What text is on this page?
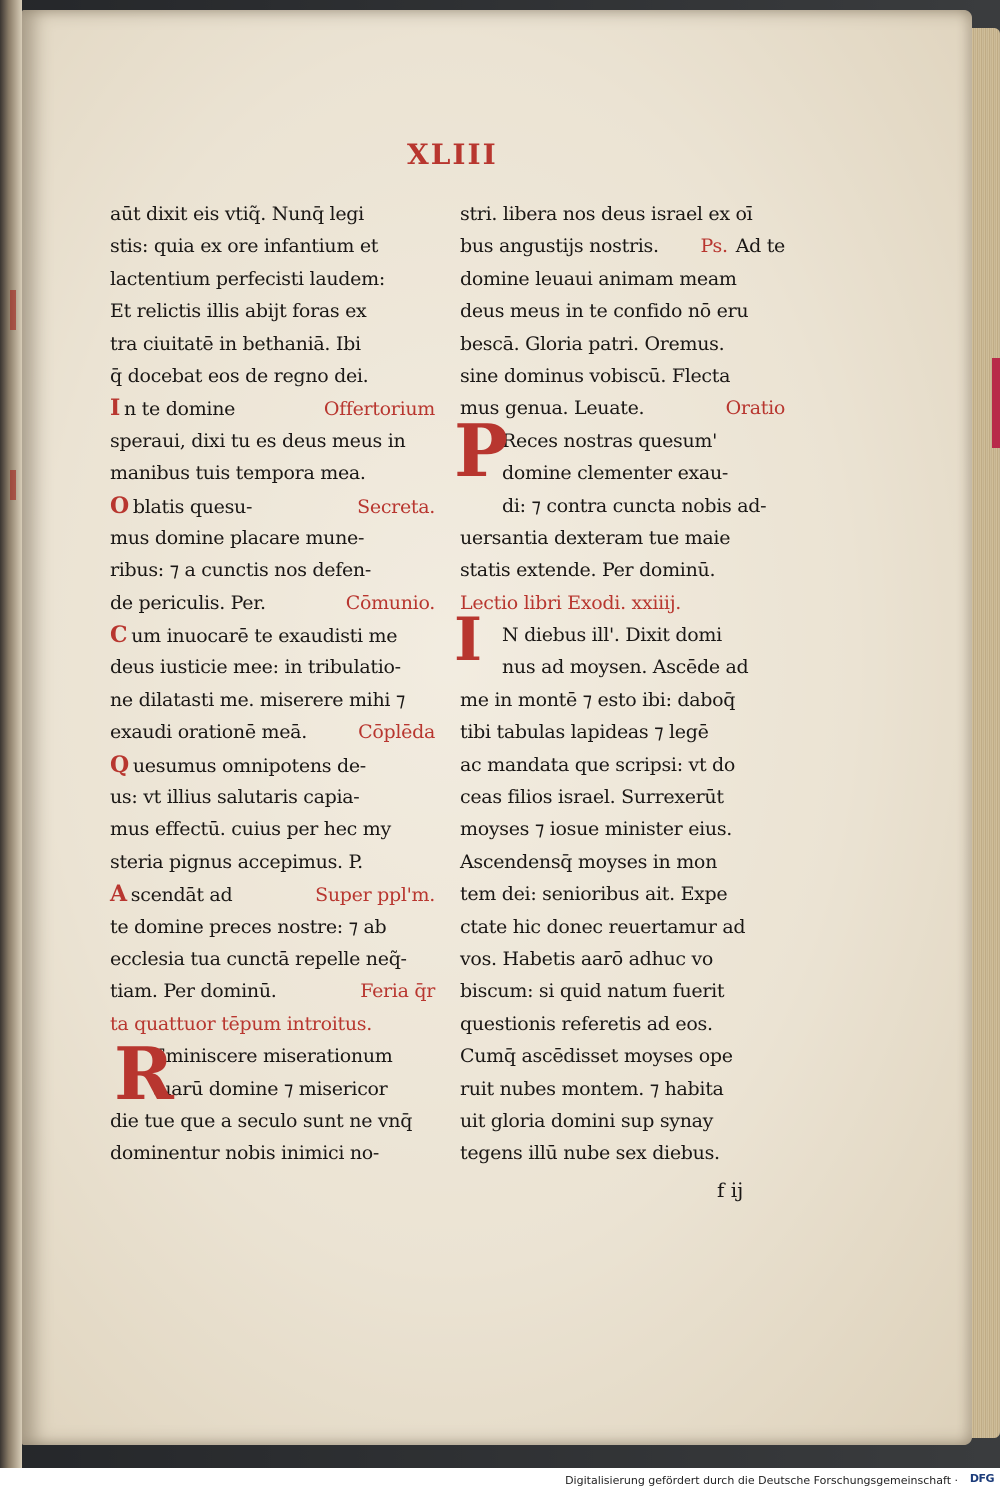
XLIII
aūt dixit eis vtiq̃. Nunq̄ legi
stis: quia ex ore infantium et
lactentium perfecisti laudem:
Et relictis illis abijt foras ex
tra ciuitatē in bethaniā. Ibi
q̄ docebat eos de regno dei.
I n te domine	Offertorium
speraui, dixi tu es deus meus in
manibus tuis tempora mea.
O blatis quesu-	Secreta.
mus domine placare mune-
ribus: ⁊ a cunctis nos defen-
de periculis. Per.	Cōmunio.
C um inuocarē te exaudisti me
deus iusticie mee: in tribulatio-
ne dilatasti me. miserere mihi ⁊
exaudi orationē meā.	Cōplēda
Q uesumus omnipotens de-
us: vt illius salutaris capia-
mus effectū. cuius per hec my
steria pignus accepimus. P.
A scendāt ad	Super ppl'm.
te domine preces nostre: ⁊ ab
ecclesia tua cunctā repelle neq̃-
tiam. Per dominū.	Feria q̄r
ta quattuor tēpum introitus.
Eminiscere miserationum
tuarū domine ⁊ misericor
die tue que a seculo sunt ne vnq̄
dominentur nobis inimici no-
stri. libera nos deus israel ex oī
bus angustijs nostris.	Ps. Ad te
domine leuaui animam meam
deus meus in te confido nō eru
bescā. Gloria patri. Oremus.
sine dominus vobiscū. Flecta
mus genua. Leuate.	Oratio
Reces nostras quesum'
domine clementer exau-
di: ⁊ contra cuncta nobis ad-
uersantia dexteram tue maie
statis extende. Per dominū.
Lectio libri Exodi. xxiiij.
N diebus ill'. Dixit domi
nus ad moysen. Ascēde ad
me in montē ⁊ esto ibi: daboq̄
tibi tabulas lapideas ⁊ legē
ac mandata que scripsi: vt do
ceas filios israel. Surrexerūt
moyses ⁊ iosue minister eius.
Ascendensq̄ moyses in mon
tem dei: senioribus ait. Expe
ctate hic donec reuertamur ad
vos. Habetis aarō adhuc vo
biscum: si quid natum fuerit
questionis referetis ad eos.
Cumq̄ ascēdisset moyses ope
ruit nubes montem. ⁊ habita
uit gloria domini sup synay
tegens illū nube sex diebus.
R
P
I
f ij
Digitalisierung gefördert durch die Deutsche Forschungsgemeinschaft · DFG
